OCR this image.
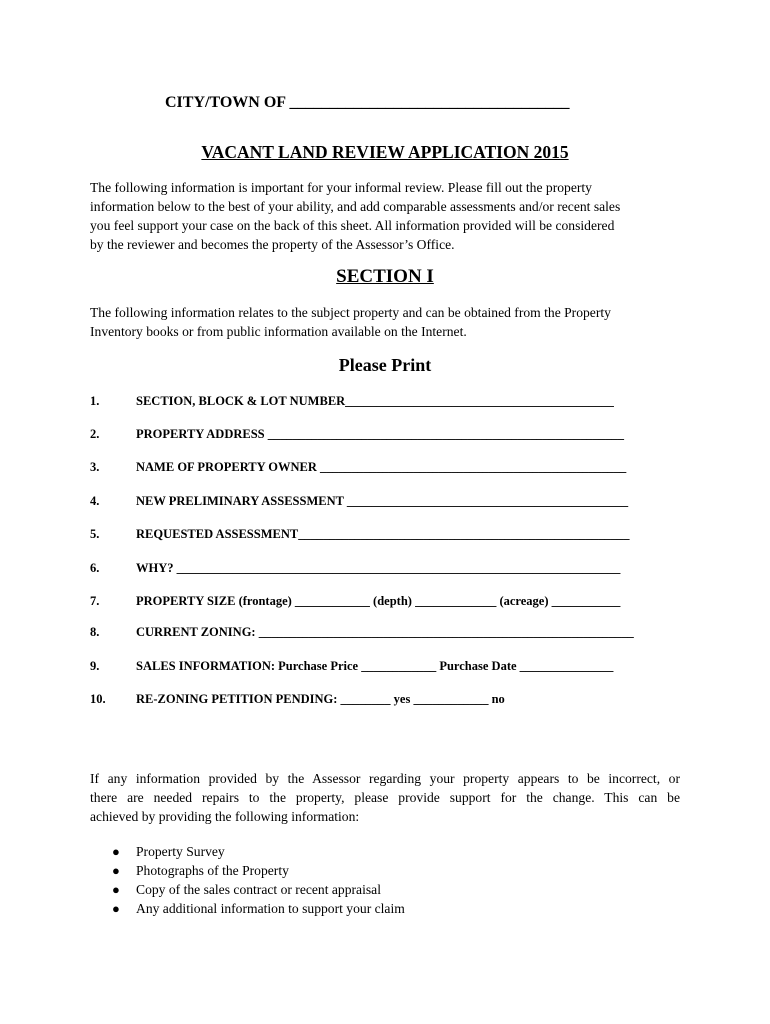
CITY/TOWN OF ___________________________________
VACANT LAND REVIEW APPLICATION 2015
The following information is important for your informal review. Please fill out the property
information below to the best of your ability, and add comparable assessments and/or recent sales
you feel support your case on the back of this sheet. All information provided will be considered
by the reviewer and becomes the property of the Assessor’s Office.
SECTION I
The following information relates to the subject property and can be obtained from the Property
Inventory books or from public information available on the Internet.
Please Print
1.	SECTION, BLOCK & LOT NUMBER___________________________________________
2.	PROPERTY ADDRESS _________________________________________________________
3.	NAME OF PROPERTY OWNER _________________________________________________
4.	NEW PRELIMINARY ASSESSMENT _____________________________________________
5.	REQUESTED ASSESSMENT_____________________________________________________
6.	WHY? _______________________________________________________________________
7.	PROPERTY SIZE (frontage) ____________ (depth) _____________ (acreage) ___________
8.	CURRENT ZONING: ____________________________________________________________
9.	SALES INFORMATION: Purchase Price ____________ Purchase Date _______________
10. RE-ZONING PETITION PENDING: ________ yes ____________ no
If any information provided by the Assessor regarding your property appears to be incorrect, or
there are needed repairs to the property, please provide support for the change. This can be
achieved by providing the following information:
●	Property Survey
●	Photographs of the Property
●	Copy of the sales contract or recent appraisal
●	Any additional information to support your claim
